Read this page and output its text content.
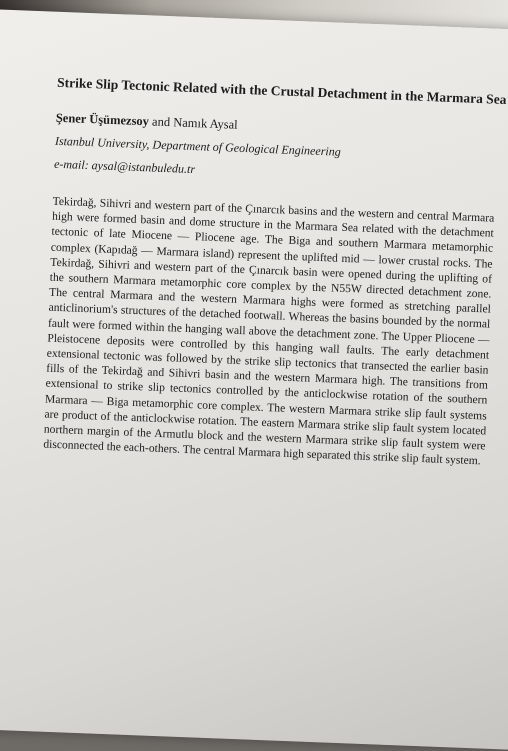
Strike Slip Tectonic Related with the Crustal Detachment in the Marmara Sea

Şener Üşümezsoy and Namık Aysal
Istanbul University, Department of Geological Engineering
e-mail: aysal@istanbuledu.tr
Tekirdağ, Sihivri and western part of the Çınarcık basins and the western and central Marmara high were formed basin and dome structure in the Marmara Sea related with the detachment tectonic of late Miocene — Pliocene age. The Biga and southern Marmara metamorphic complex (Kapıdağ — Marmara island) represent the uplifted mid — lower crustal rocks. The Tekirdağ, Sihivri and western part of the Çınarcık basin were opened during the uplifting of the southern Marmara metamorphic core complex by the N55W directed detachment zone. The central Marmara and the western Marmara highs were formed as stretching parallel anticlinorium's structures of the detached footwall. Whereas the basins bounded by the normal fault were formed within the hanging wall above the detachment zone. The Upper Pliocene — Pleistocene deposits were controlled by this hanging wall faults. The early detachment extensional tectonic was followed by the strike slip tectonics that transected the earlier basin fills of the Tekirdağ and Sihivri basin and the western Marmara high. The transitions from extensional to strike slip tectonics controlled by the anticlockwise rotation of the southern Marmara — Biga metamorphic core complex. The western Marmara strike slip fault systems are product of the anticlockwise rotation. The eastern Marmara strike slip fault system located northern margin of the Armutlu block and the western Marmara strike slip fault system were disconnected the each-others. The central Marmara high separated this strike slip fault system.
